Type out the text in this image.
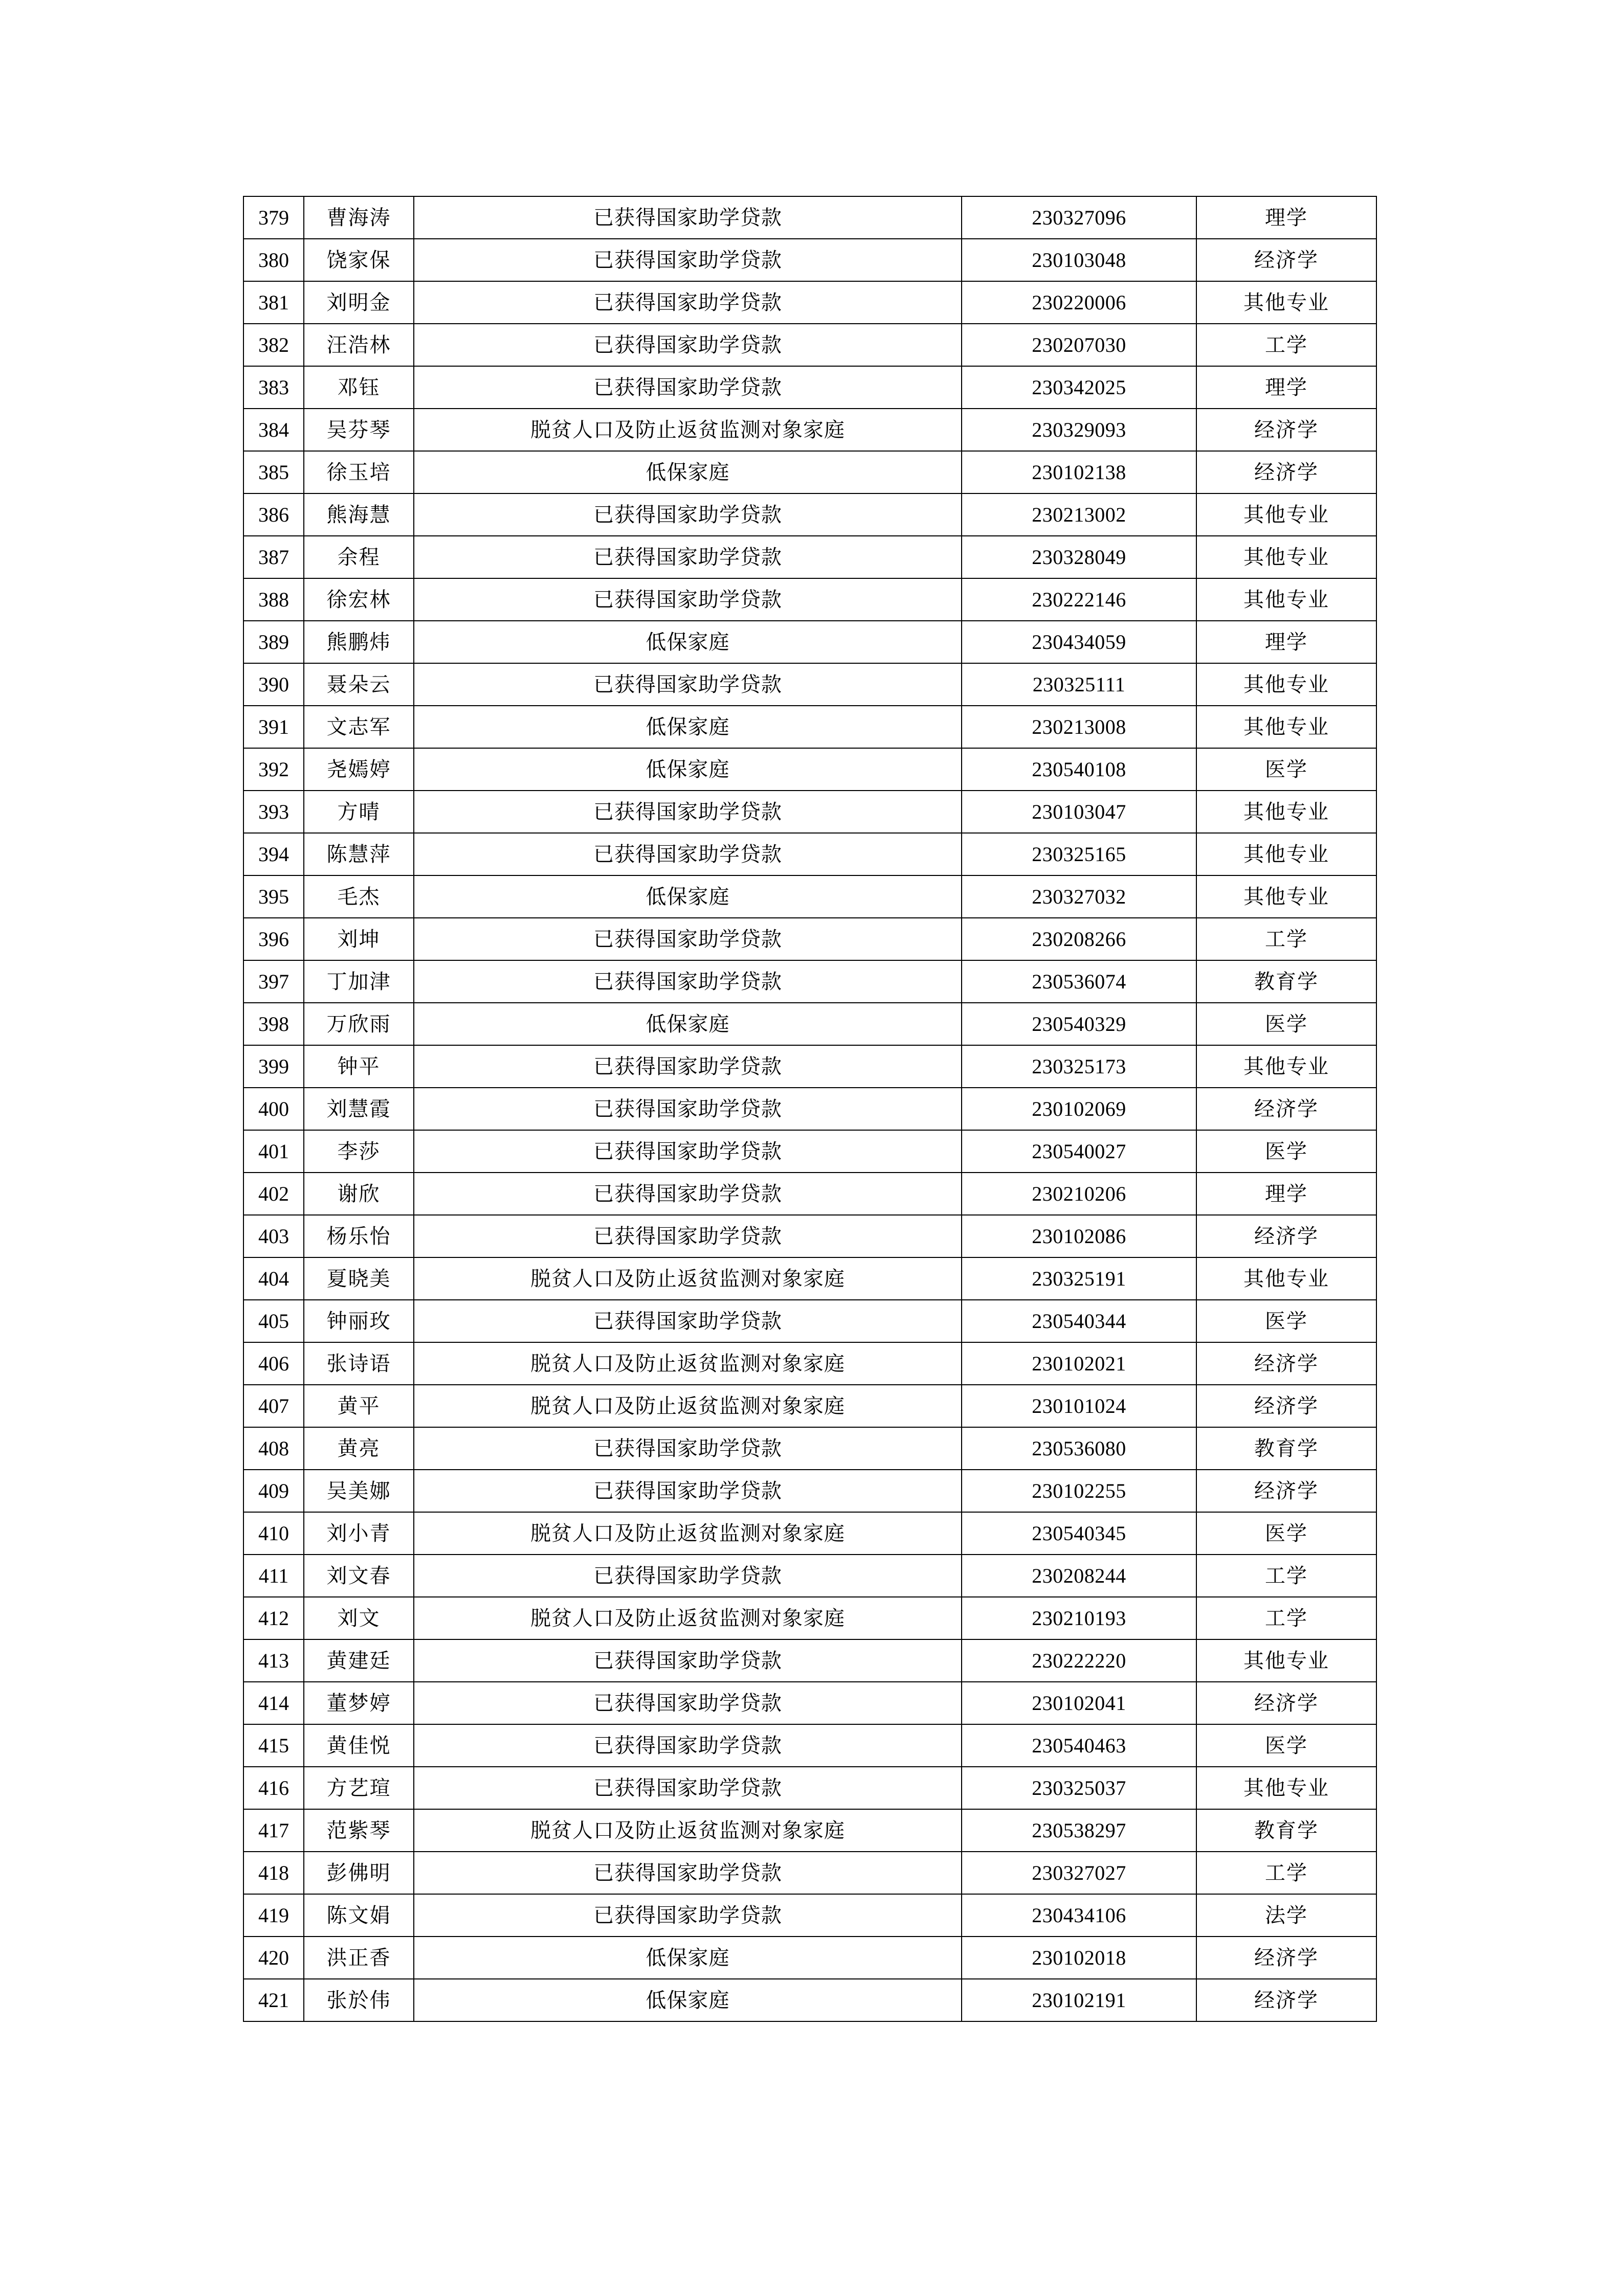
379	曹海涛	已获得国家助学贷款	230327096	理学
380	饶家保	已获得国家助学贷款	230103048	经济学
381	刘明金	已获得国家助学贷款	230220006	其他专业
382	汪浩林	已获得国家助学贷款	230207030	工学
383	邓钰	已获得国家助学贷款	230342025	理学
384	吴芬琴	脱贫人口及防止返贫监测对象家庭	230329093	经济学
385	徐玉培	低保家庭	230102138	经济学
386	熊海慧	已获得国家助学贷款	230213002	其他专业
387	余程	已获得国家助学贷款	230328049	其他专业
388	徐宏林	已获得国家助学贷款	230222146	其他专业
389	熊鹏炜	低保家庭	230434059	理学
390	聂朵云	已获得国家助学贷款	230325111	其他专业
391	文志军	低保家庭	230213008	其他专业
392	尧嫣婷	低保家庭	230540108	医学
393	方晴	已获得国家助学贷款	230103047	其他专业
394	陈慧萍	已获得国家助学贷款	230325165	其他专业
395	毛杰	低保家庭	230327032	其他专业
396	刘坤	已获得国家助学贷款	230208266	工学
397	丁加津	已获得国家助学贷款	230536074	教育学
398	万欣雨	低保家庭	230540329	医学
399	钟平	已获得国家助学贷款	230325173	其他专业
400	刘慧霞	已获得国家助学贷款	230102069	经济学
401	李莎	已获得国家助学贷款	230540027	医学
402	谢欣	已获得国家助学贷款	230210206	理学
403	杨乐怡	已获得国家助学贷款	230102086	经济学
404	夏晓美	脱贫人口及防止返贫监测对象家庭	230325191	其他专业
405	钟丽玫	已获得国家助学贷款	230540344	医学
406	张诗语	脱贫人口及防止返贫监测对象家庭	230102021	经济学
407	黄平	脱贫人口及防止返贫监测对象家庭	230101024	经济学
408	黄亮	已获得国家助学贷款	230536080	教育学
409	吴美娜	已获得国家助学贷款	230102255	经济学
410	刘小青	脱贫人口及防止返贫监测对象家庭	230540345	医学
411	刘文春	已获得国家助学贷款	230208244	工学
412	刘文	脱贫人口及防止返贫监测对象家庭	230210193	工学
413	黄建廷	已获得国家助学贷款	230222220	其他专业
414	董梦婷	已获得国家助学贷款	230102041	经济学
415	黄佳悦	已获得国家助学贷款	230540463	医学
416	方艺瑄	已获得国家助学贷款	230325037	其他专业
417	范紫琴	脱贫人口及防止返贫监测对象家庭	230538297	教育学
418	彭佛明	已获得国家助学贷款	230327027	工学
419	陈文娟	已获得国家助学贷款	230434106	法学
420	洪正香	低保家庭	230102018	经济学
421	张於伟	低保家庭	230102191	经济学
